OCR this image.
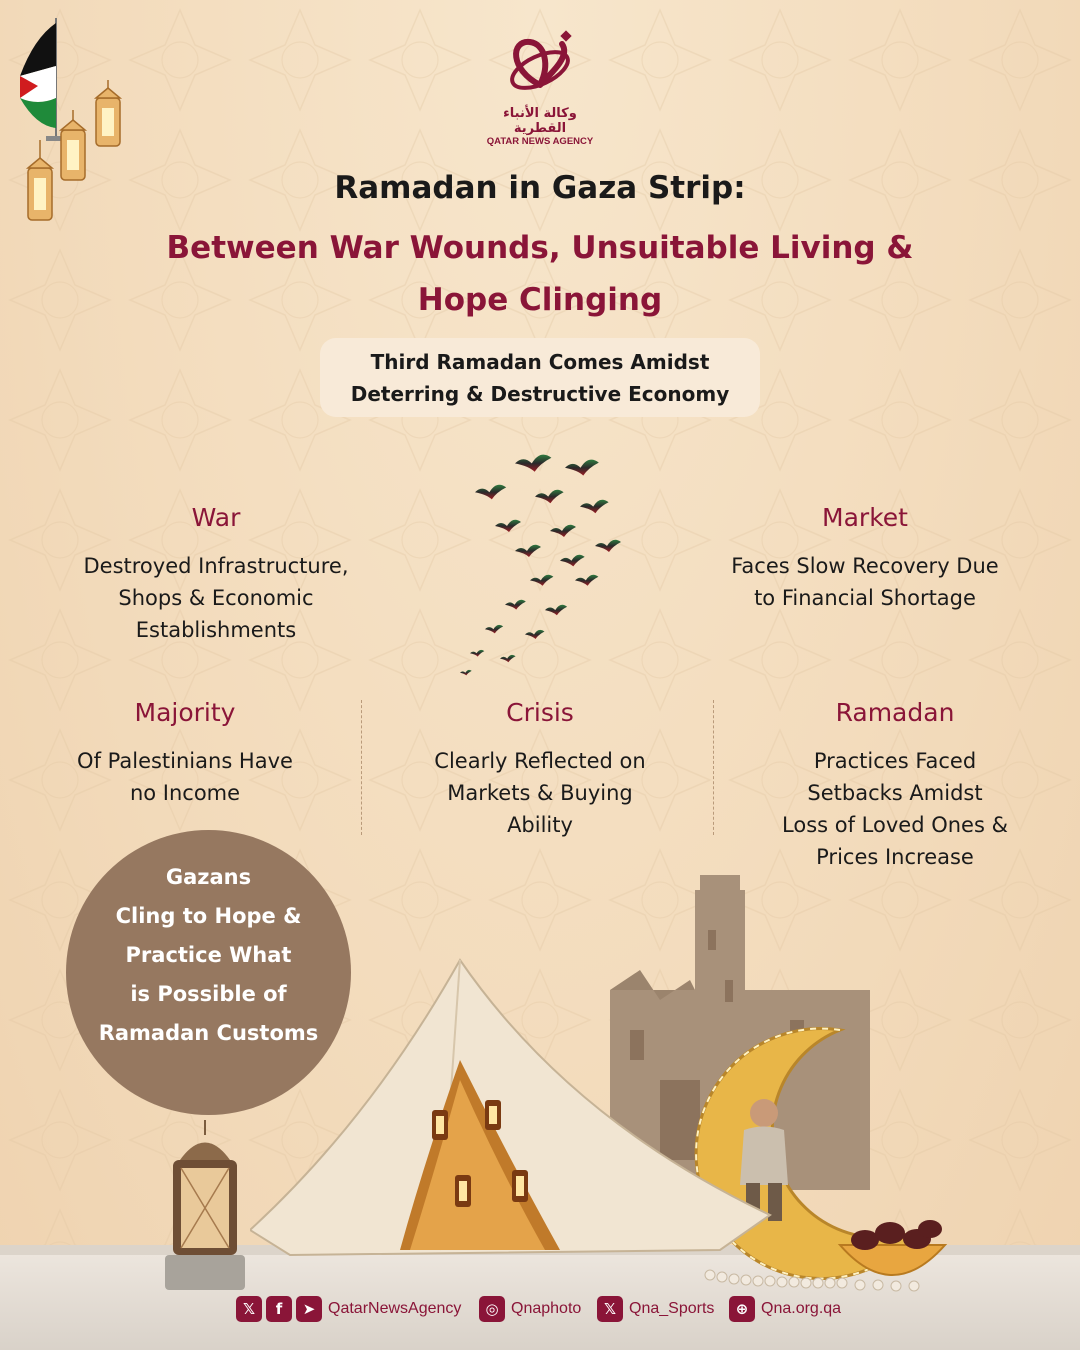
وكالة الأنباء القطرية
QATAR NEWS AGENCY
Ramadan in Gaza Strip:
Between War Wounds, Unsuitable Living &
Hope Clinging
Third Ramadan Comes Amidst
Deterring & Destructive Economy
War
Destroyed Infrastructure,
Shops & Economic
Establishments
Market
Faces Slow Recovery Due
to Financial Shortage
Majority
Of Palestinians Have
no Income
Crisis
Clearly Reflected on
Markets & Buying
Ability
Ramadan
Practices Faced
Setbacks Amidst
Loss of Loved Ones &
Prices Increase
Gazans
Cling to Hope &
Practice What
is Possible of
Ramadan Customs
𝕏	f	➤ QatarNewsAgency	◎ Qnaphoto	𝕏 Qna_Sports	⊕ Qna.org.qa
